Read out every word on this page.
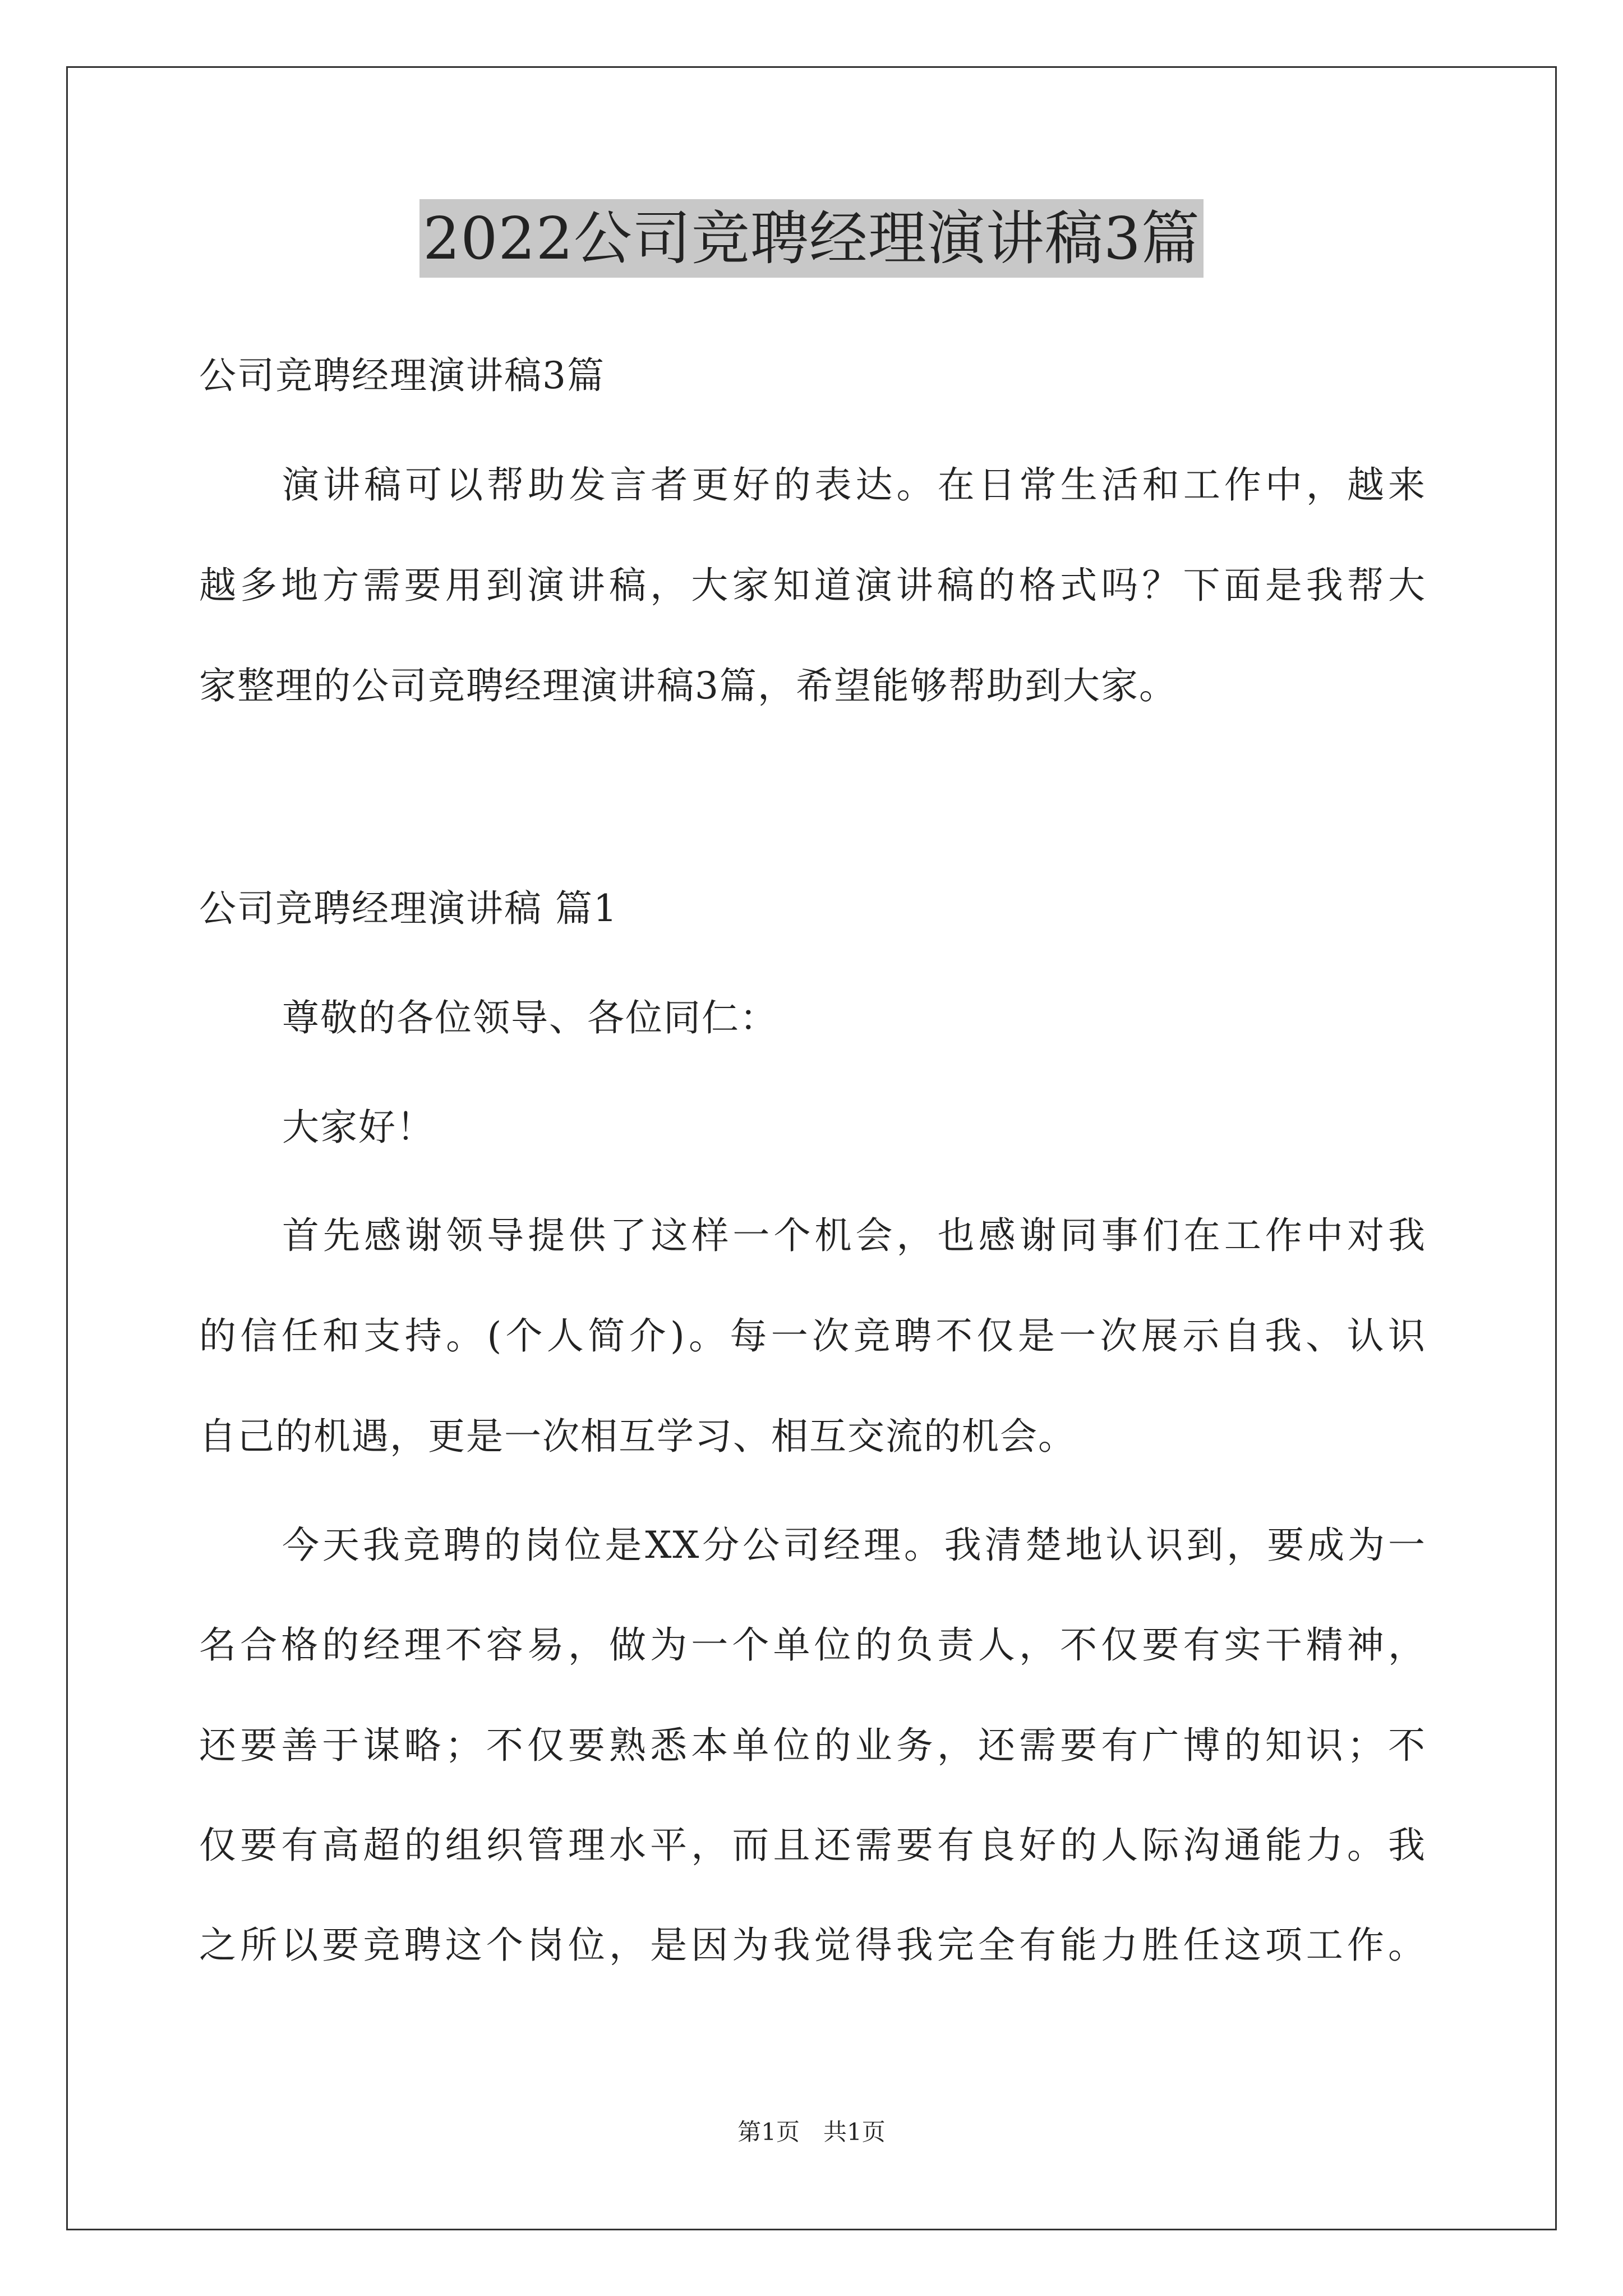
2022公司竞聘经理演讲稿3篇
公司竞聘经理演讲稿3篇
演讲稿可以帮助发言者更好的表达。在日常生活和工作中，越来
越多地方需要用到演讲稿，大家知道演讲稿的格式吗？下面是我帮大
家整理的公司竞聘经理演讲稿3篇，希望能够帮助到大家。
公司竞聘经理演讲稿 篇1
尊敬的各位领导、各位同仁：
大家好！
首先感谢领导提供了这样一个机会，也感谢同事们在工作中对我
的信任和支持。(个人简介)。每一次竞聘不仅是一次展示自我、认识
自己的机遇，更是一次相互学习、相互交流的机会。
今天我竞聘的岗位是XX分公司经理。我清楚地认识到，要成为一
名合格的经理不容易，做为一个单位的负责人，不仅要有实干精神，
还要善于谋略；不仅要熟悉本单位的业务，还需要有广博的知识；不
仅要有高超的组织管理水平，而且还需要有良好的人际沟通能力。我
之所以要竞聘这个岗位，是因为我觉得我完全有能力胜任这项工作。
第1页　共1页
